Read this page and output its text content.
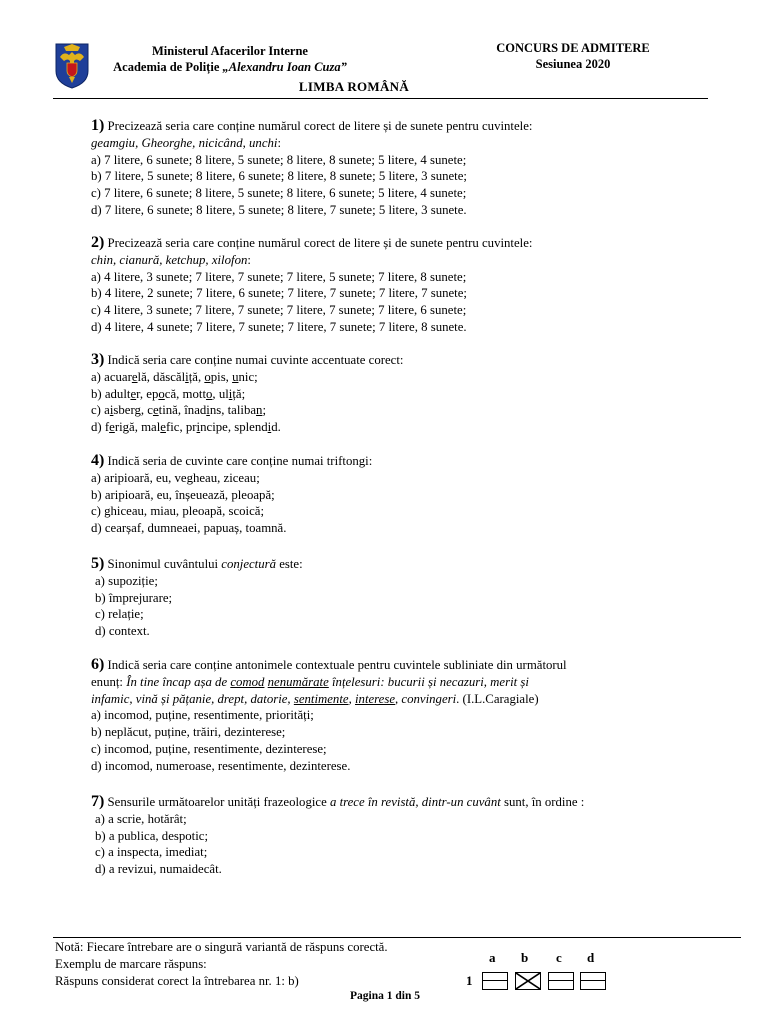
Ministerul Afacerilor Interne
Academia de Poliție „Alexandru Ioan Cuza”
CONCURS DE ADMITERE
Sesiunea 2020
LIMBA ROMÂNĂ
1) Precizează seria care conține numărul corect de litere și de sunete pentru cuvintele:
geamgiu, Gheorghe, nicicând, unchi:
a) 7 litere, 6 sunete; 8 litere, 5 sunete; 8 litere, 8 sunete; 5 litere, 4 sunete;
b) 7 litere, 5 sunete; 8 litere, 6 sunete; 8 litere, 8 sunete; 5 litere, 3 sunete;
c) 7 litere, 6 sunete; 8 litere, 5 sunete; 8 litere, 6 sunete; 5 litere, 4 sunete;
d) 7 litere, 6 sunete; 8 litere, 5 sunete; 8 litere, 7 sunete; 5 litere, 3 sunete.
2) Precizează seria care conține numărul corect de litere și de sunete pentru cuvintele:
chin, cianură, ketchup, xilofon:
a) 4 litere, 3 sunete; 7 litere, 7 sunete; 7 litere, 5 sunete; 7 litere, 8 sunete;
b) 4 litere, 2 sunete; 7 litere, 6 sunete; 7 litere, 7 sunete; 7 litere, 7 sunete;
c) 4 litere, 3 sunete; 7 litere, 7 sunete; 7 litere, 7 sunete; 7 litere, 6 sunete;
d) 4 litere, 4 sunete; 7 litere, 7 sunete; 7 litere, 7 sunete; 7 litere, 8 sunete.
3) Indică seria care conține numai cuvinte accentuate corect:
a) acuarelă, dăscăliță, opis, unic;
b) adulter, epocă, motto, uliță;
c) aisberg, cetină, înadins, taliban;
d) ferigă, malefic, principe, splendid.
4) Indică seria de cuvinte care conține numai triftongi:
a) aripioară, eu, vegheau, ziceau;
b) aripioară, eu, înșeuează, pleoapă;
c) ghiceau, miau, pleoapă, scoică;
d) cearșaf, dumneaei, papuaș, toamnă.
5) Sinonimul cuvântului conjectură este:
a) supoziție;
b) împrejurare;
c) relație;
d) context.
6) Indică seria care conține antonimele contextuale pentru cuvintele subliniate din următorul
enunț: În tine încap așa de comod nenumărate înțelesuri: bucurii și necazuri, merit și
infamic, vină și pățanie, drept, datorie, sentimente, interese, convingeri. (I.L.Caragiale)
a) incomod, puține, resentimente, priorități;
b) neplăcut, puține, trăiri, dezinterese;
c) incomod, puține, resentimente, dezinterese;
d) incomod, numeroase, resentimente, dezinterese.
7) Sensurile următoarelor unități frazeologice a trece în revistă, dintr-un cuvânt sunt, în ordine :
a) a scrie, hotărât;
b) a publica, despotic;
c) a inspecta, imediat;
d) a revizui, numaidecât.
Notă: Fiecare întrebare are o singură variantă de răspuns corectă.
Exemplu de marcare răspuns:
Răspuns considerat corect la întrebarea nr. 1: b)
a b c d
1
Pagina 1 din 5
